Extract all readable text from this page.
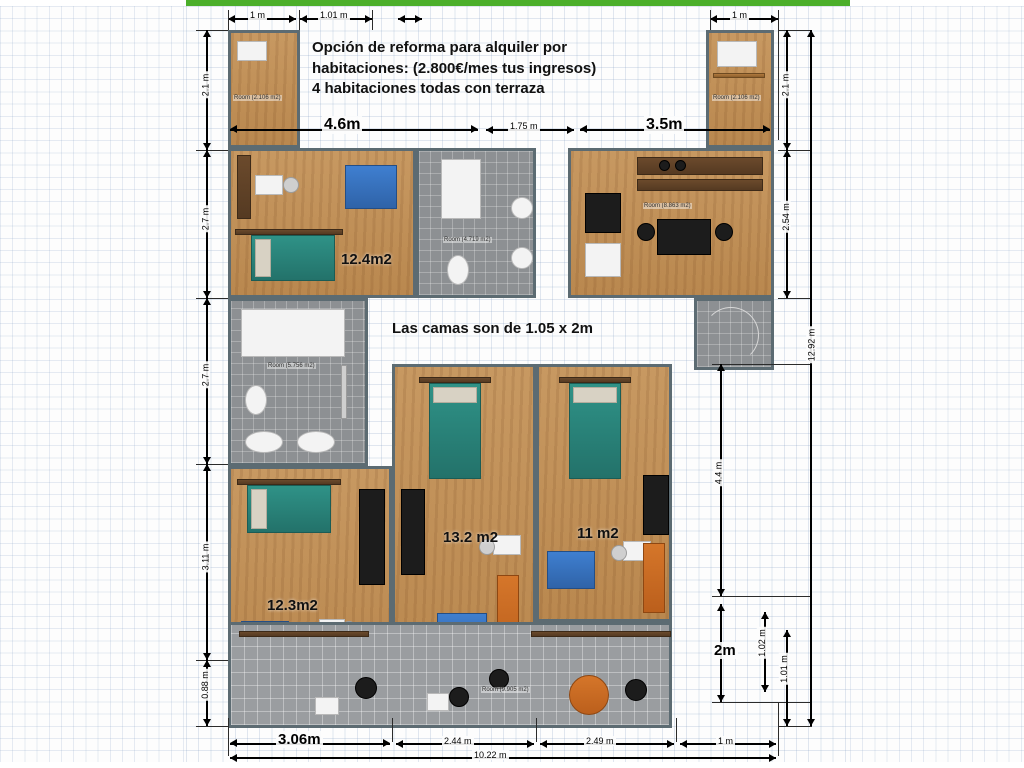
1 m	1.01 m	1 m
Room (2.106 m2)	Room (2.106 m2)
12.4m2
Room (4.719 m2)
Room (8.863 m2)
Room (5.756 m2)
12.3m2
13.2 m2	11 m2
Room (9.905 m2)
Opción de reforma para alquiler por
habitaciones: (2.800€/mes tus ingresos)
4 habitaciones todas con terraza
Las camas son de 1.05 x 2m
4.6m	1.75 m	3.5m
2.1 m
2.7 m
2.7 m
3.11 m
0.88 m
2.1 m
2.54 m
12.92 m
4.4 m
2m
1.01 m
1.02 m
3.06m	2.44 m	2.49 m	1 m
10.22 m
